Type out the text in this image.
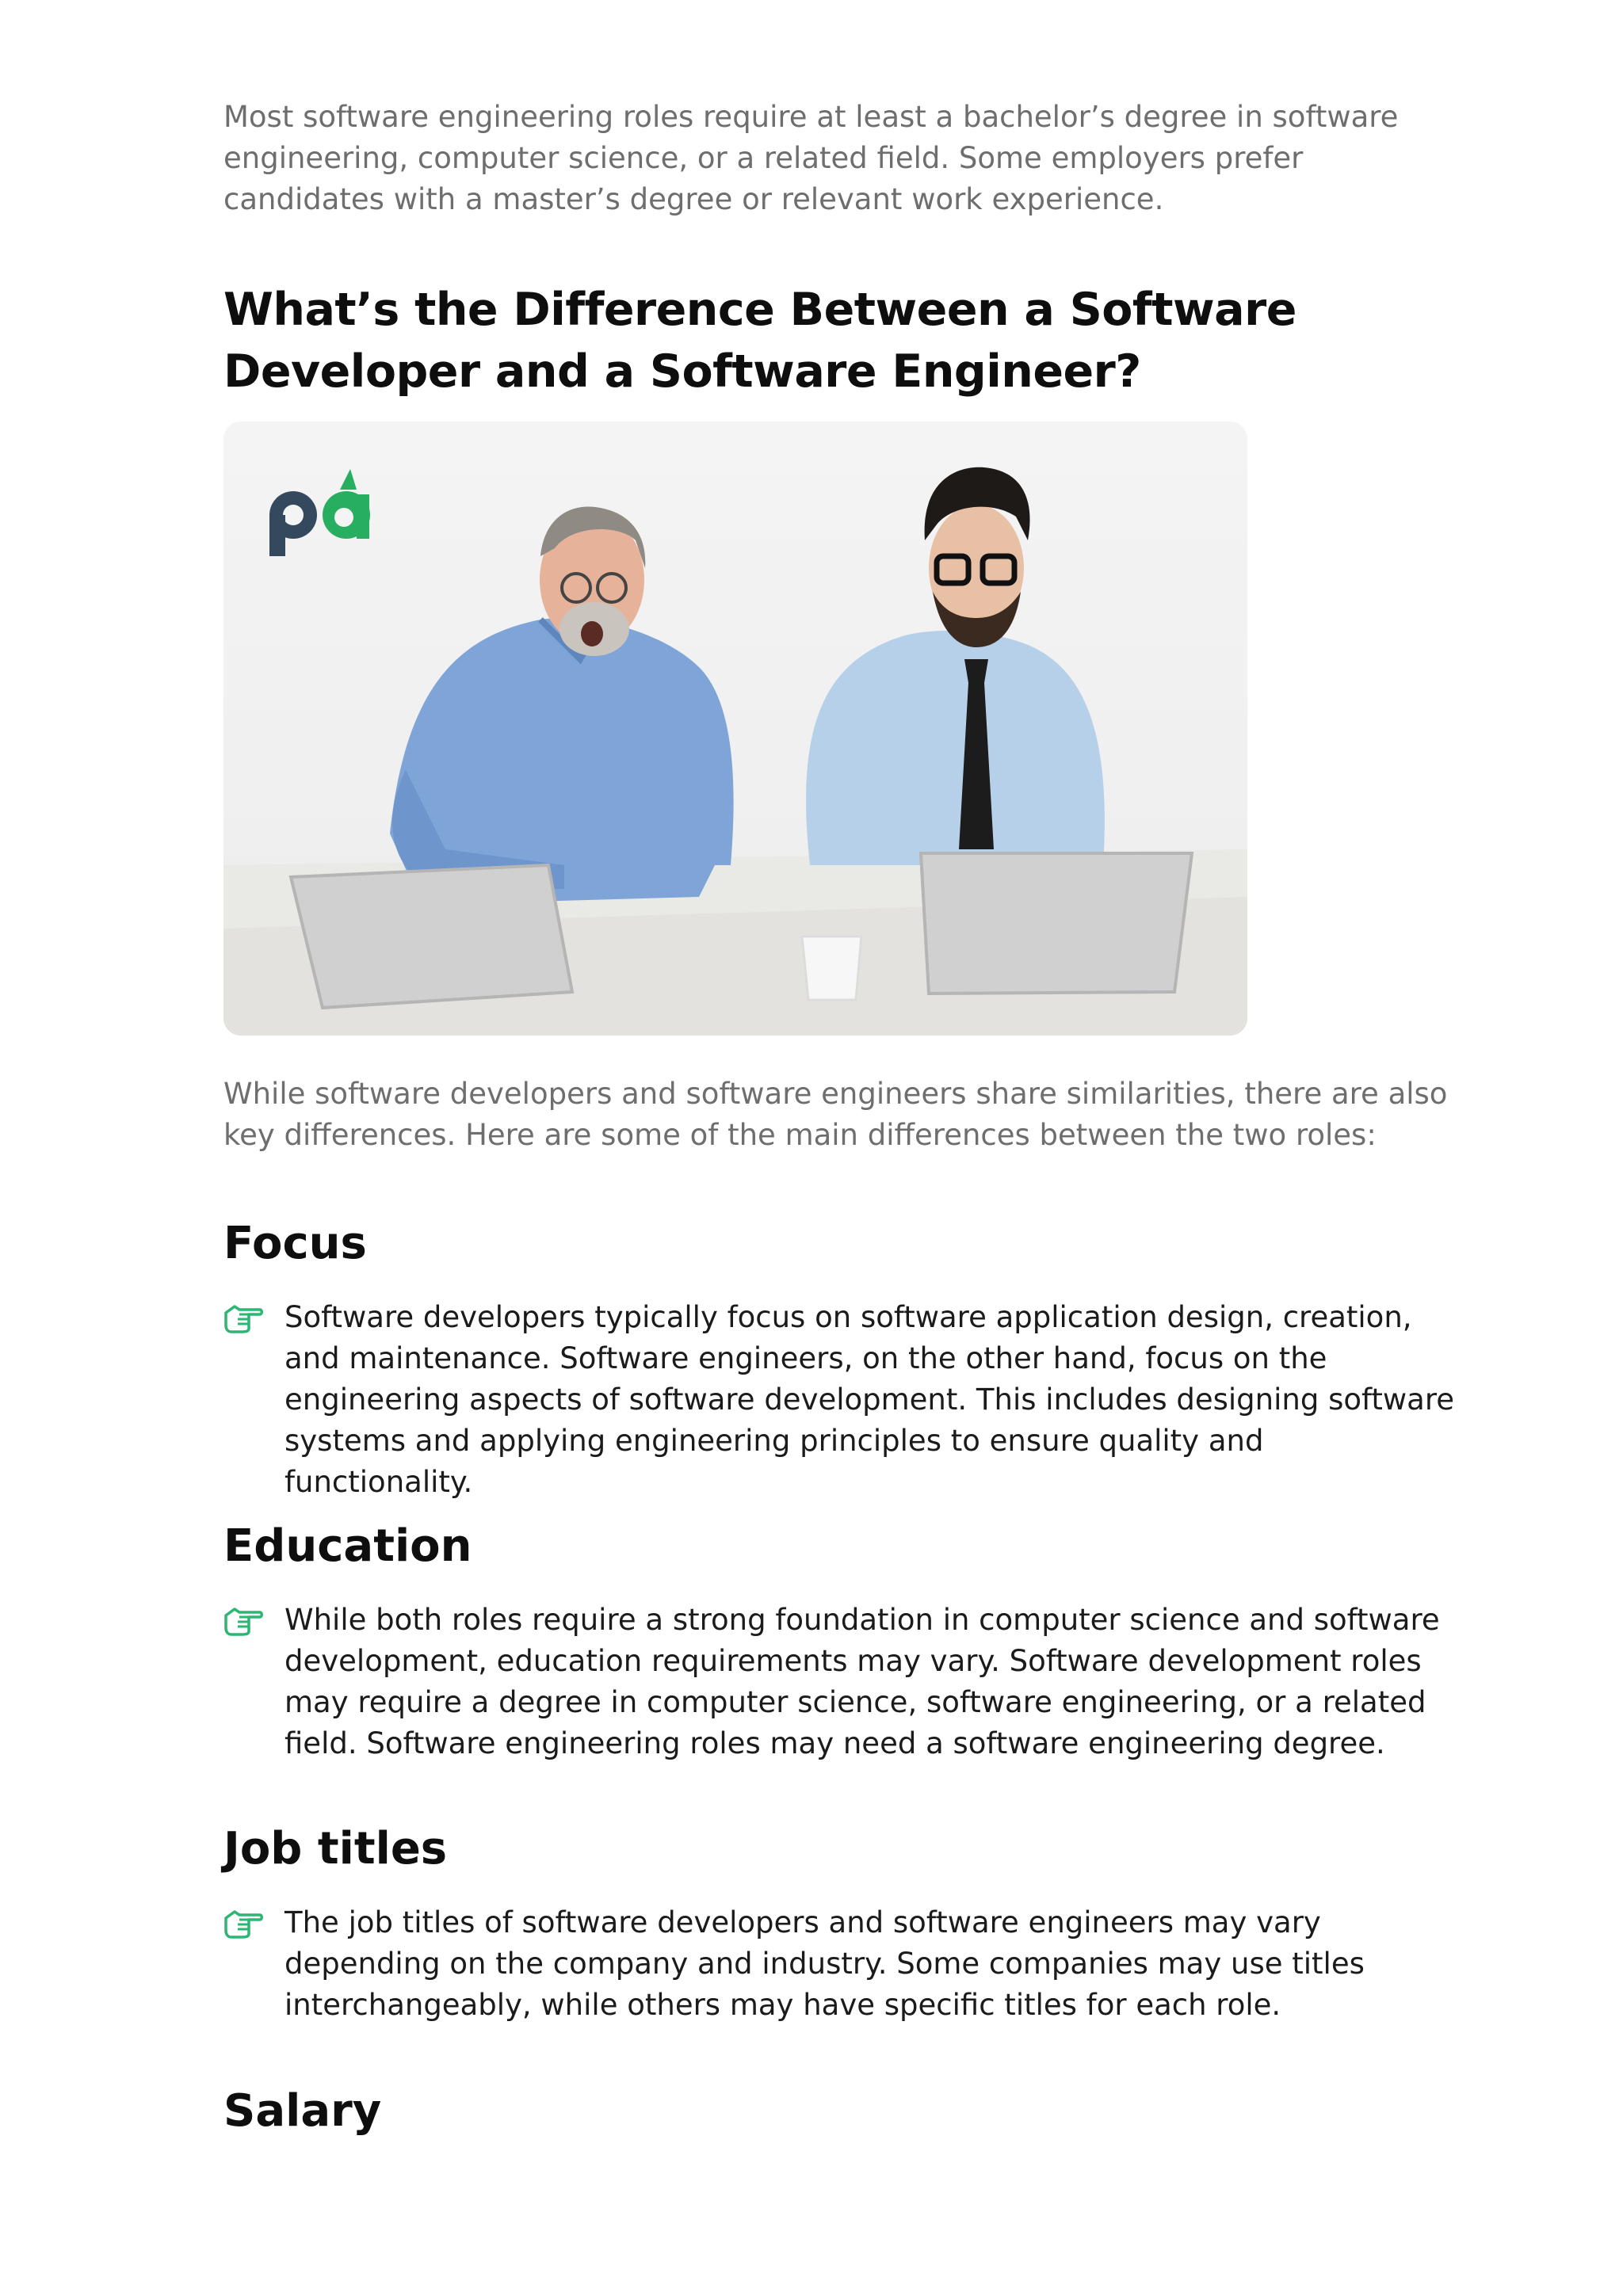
Most software engineering roles require at least a bachelor’s degree in software engineering, computer science, or a related field. Some employers prefer candidates with a master’s degree or relevant work experience.

What’s the Difference Between a Software Developer and a Software Engineer?

While software developers and software engineers share similarities, there are also key differences. Here are some of the main differences between the two roles:

Focus

Software developers typically focus on software application design, creation, and maintenance. Software engineers, on the other hand, focus on the engineering aspects of software development. This includes designing software systems and applying engineering principles to ensure quality and functionality.

Education

While both roles require a strong foundation in computer science and software development, education requirements may vary. Software development roles may require a degree in computer science, software engineering, or a related field. Software engineering roles may need a software engineering degree.

Job titles

The job titles of software developers and software engineers may vary depending on the company and industry. Some companies may use titles interchangeably, while others may have specific titles for each role.

Salary
